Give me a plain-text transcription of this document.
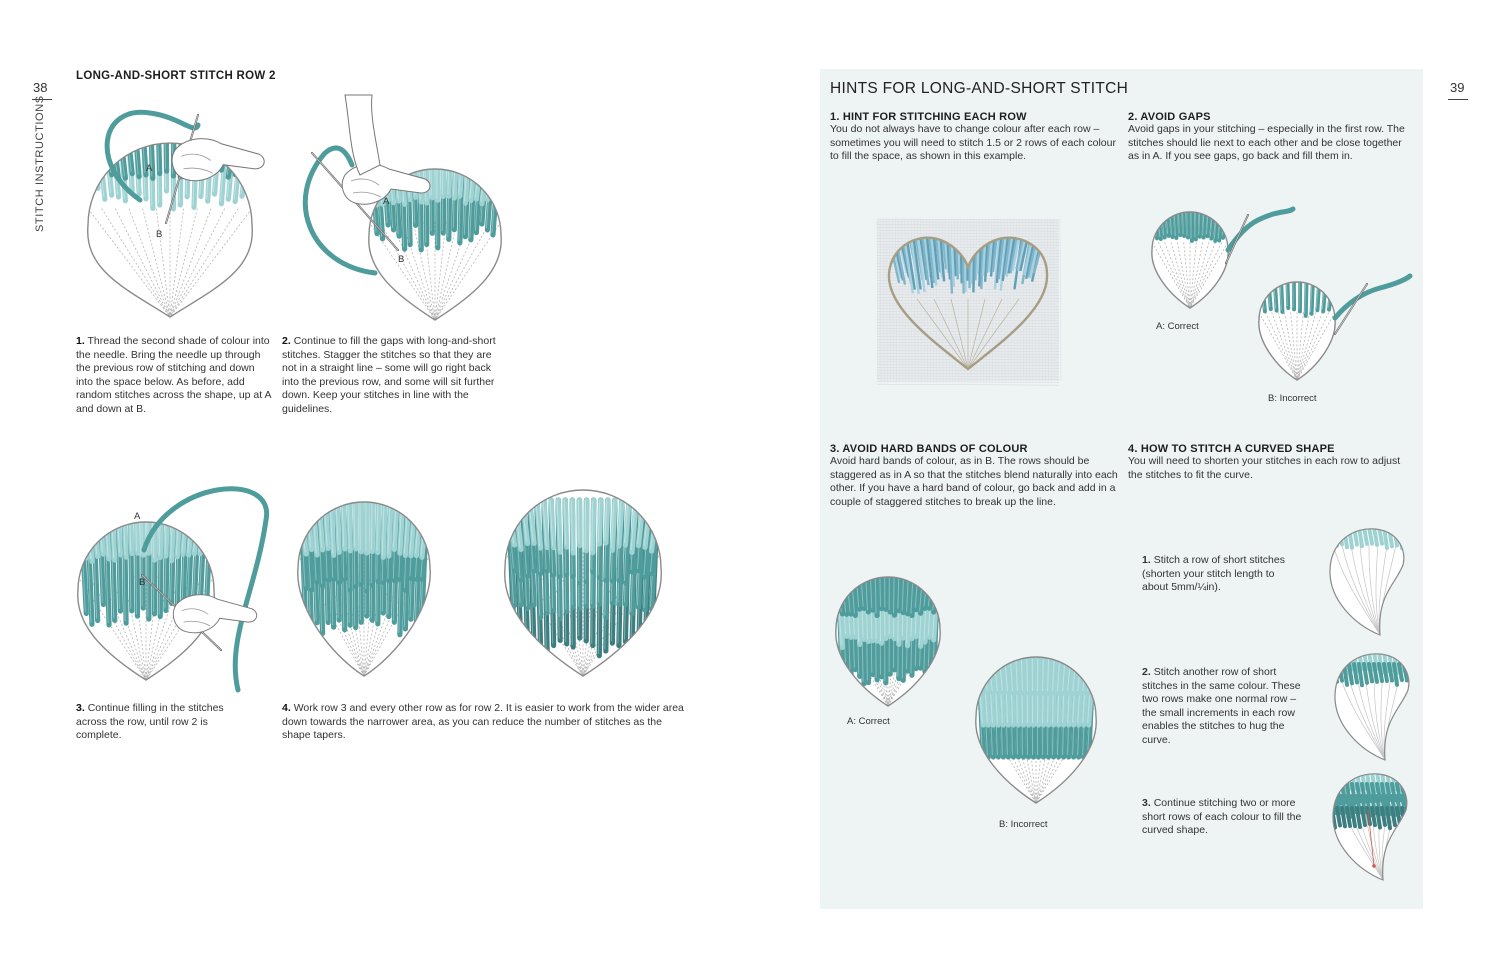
38
STITCH INSTRUCTIONS
LONG-AND-SHORT STITCH ROW 2
A
B
A
B
1. Thread the second shade of colour into the needle. Bring the needle up through the previous row of stitching and down into the space below. As before, add random stitches across the shape, up at A and down at B.
2. Continue to fill the gaps with long-and-short stitches. Stagger the stitches so that they are not in a straight line – some will go right back into the previous row, and some will sit further down. Keep your stitches in line with the guidelines.
A
B
3. Continue filling in the stitches across the row, until row 2 is complete.
4. Work row 3 and every other row as for row 2. It is easier to work from the wider area down towards the narrower area, as you can reduce the number of stitches as the shape tapers.
39
HINTS FOR LONG-AND-SHORT STITCH
1. HINT FOR STITCHING EACH ROW
You do not always have to change colour after each row – sometimes you will need to stitch 1.5 or 2 rows of each colour to fill the space, as shown in this example.
2. AVOID GAPS
Avoid gaps in your stitching – especially in the first row. The stitches should lie next to each other and be close together as in A. If you see gaps, go back and fill them in.
A: Correct
B: Incorrect
3. AVOID HARD BANDS OF COLOUR
Avoid hard bands of colour, as in B. The rows should be staggered as in A so that the stitches blend naturally into each other. If you have a hard band of colour, go back and add in a couple of staggered stitches to break up the line.
4. HOW TO STITCH A CURVED SHAPE
You will need to shorten your stitches in each row to adjust the stitches to fit the curve.
A: Correct
B: Incorrect
1. Stitch a row of short stitches (shorten your stitch length to about 5mm/¼in).
2. Stitch another row of short stitches in the same colour. These two rows make one normal row – the small increments in each row enables the stitches to hug the curve.
3. Continue stitching two or more short rows of each colour to fill the curved shape.
